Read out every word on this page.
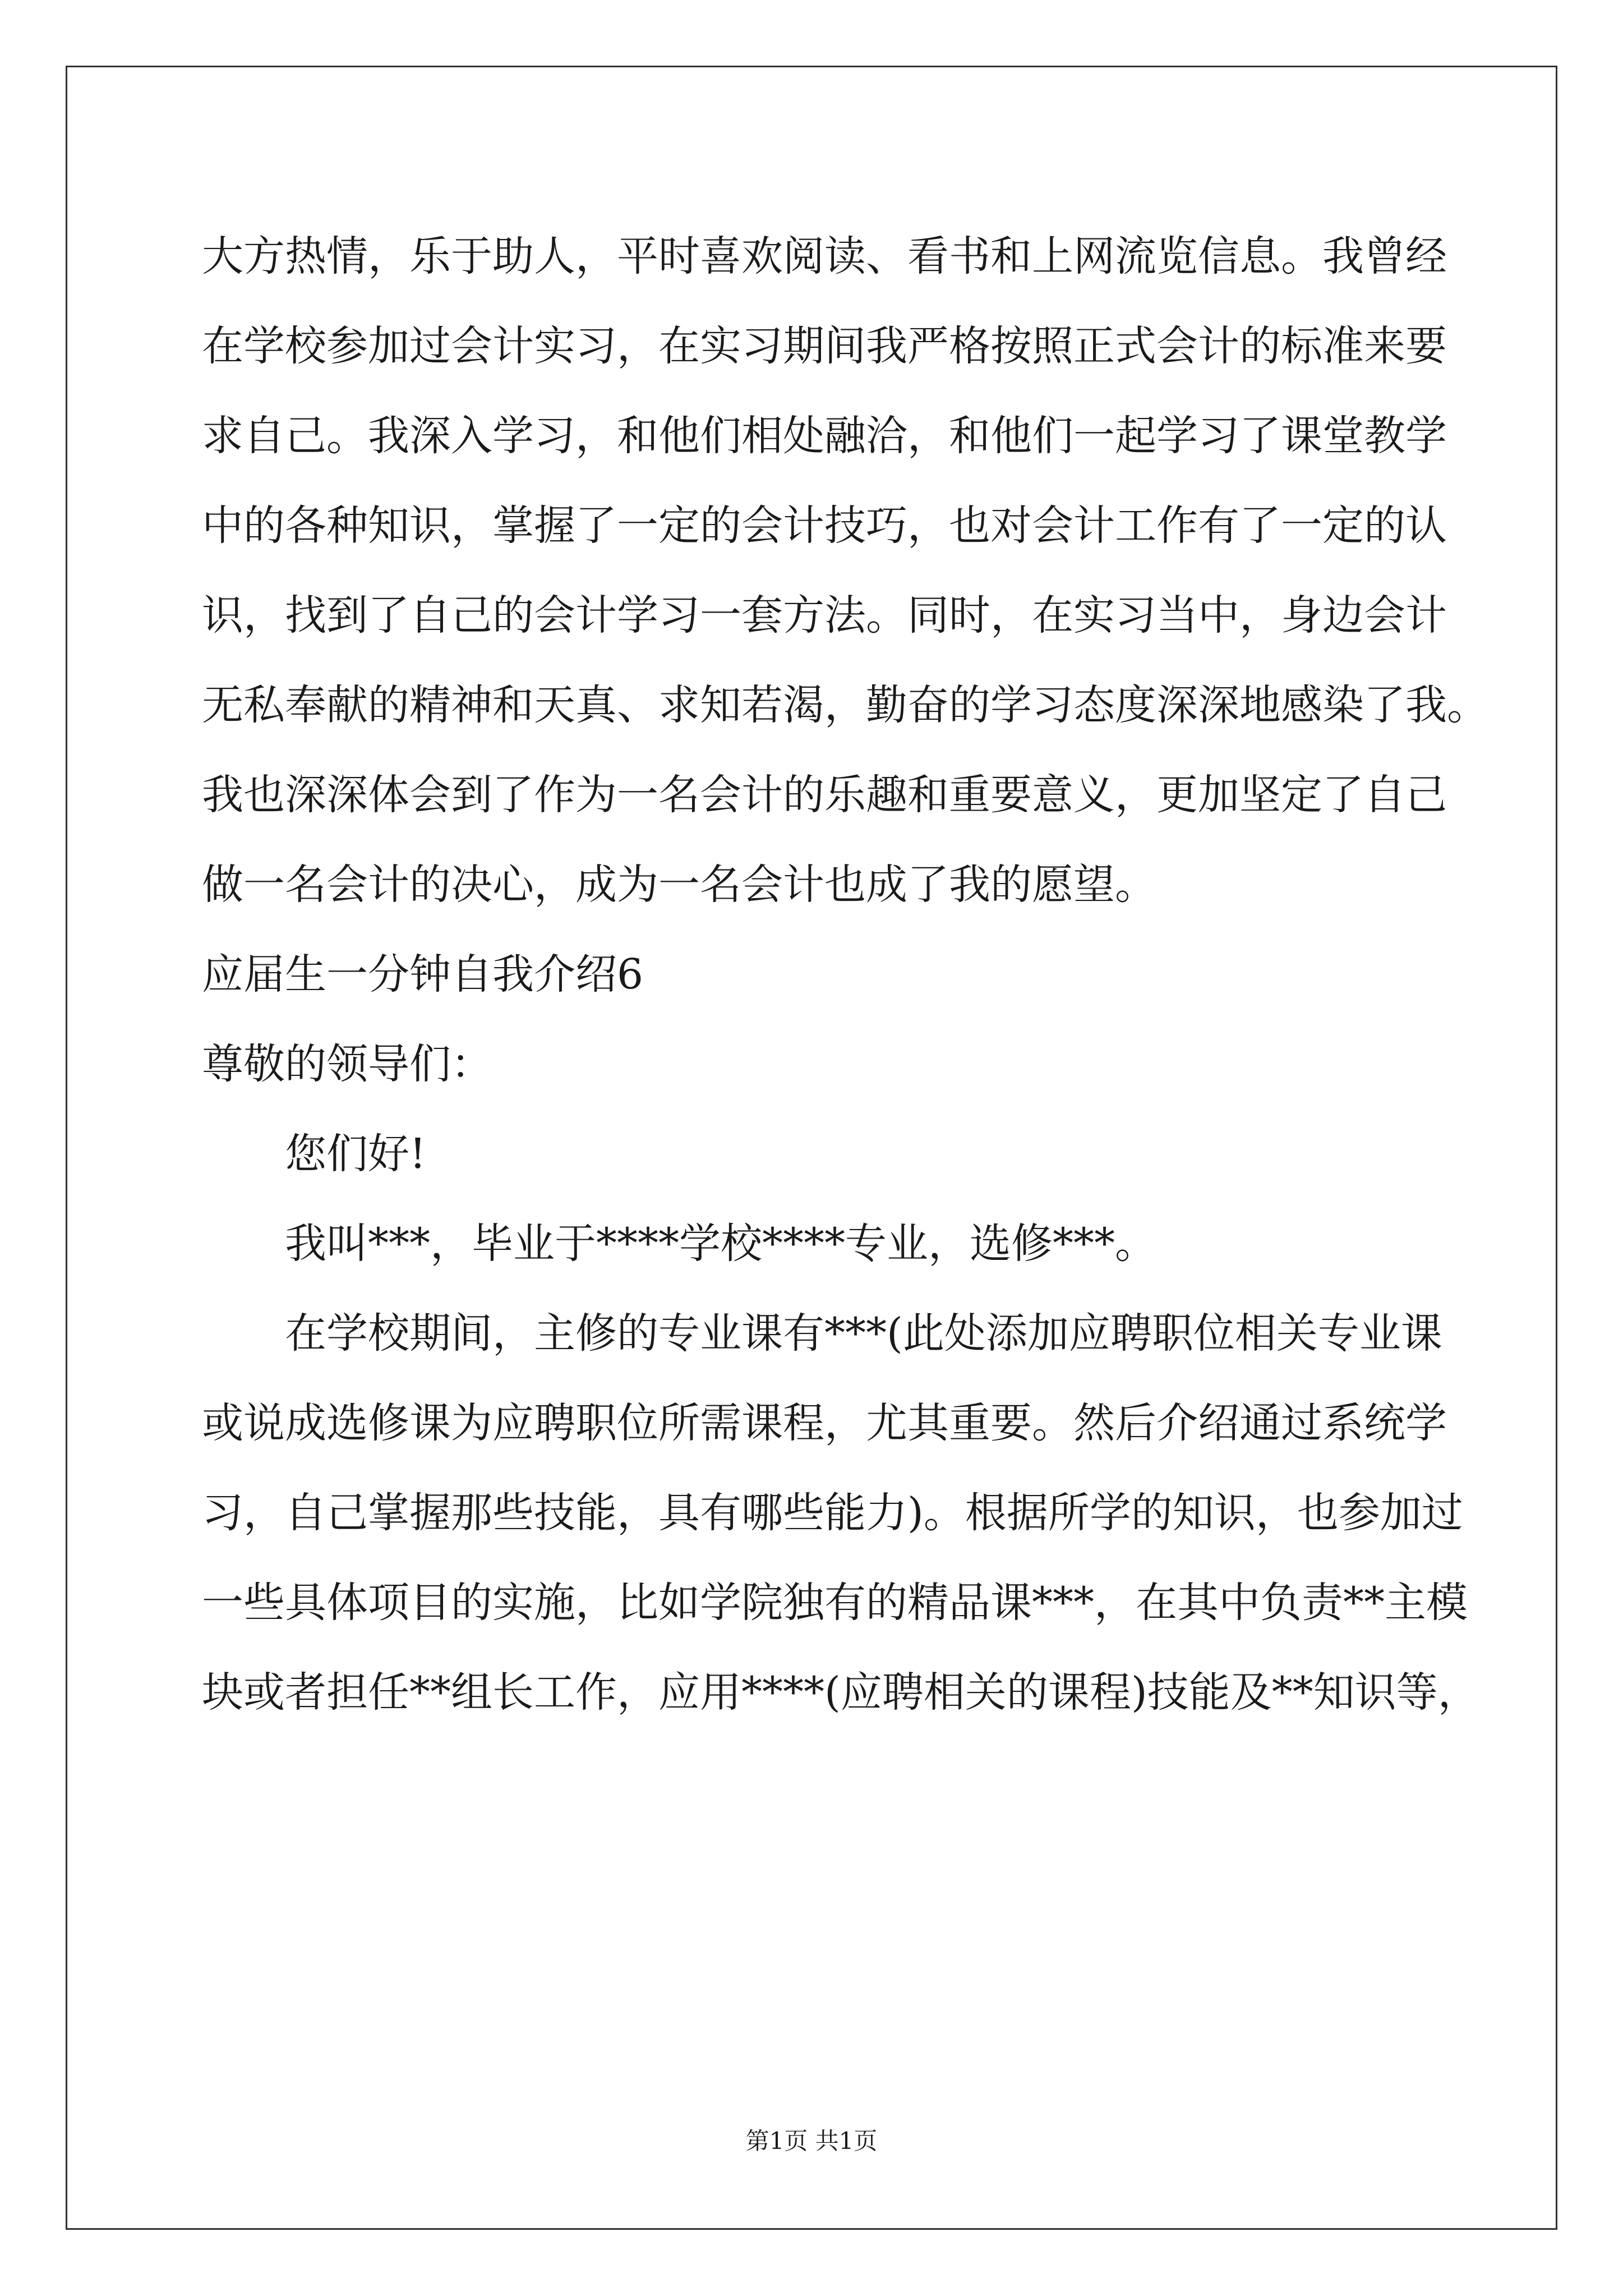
大方热情，乐于助人，平时喜欢阅读、看书和上网流览信息。我曾经
在学校参加过会计实习，在实习期间我严格按照正式会计的标准来要
求自己。我深入学习，和他们相处融洽，和他们一起学习了课堂教学
中的各种知识，掌握了一定的会计技巧，也对会计工作有了一定的认
识，找到了自己的会计学习一套方法。同时，在实习当中，身边会计
无私奉献的精神和天真、求知若渴，勤奋的学习态度深深地感染了我。
我也深深体会到了作为一名会计的乐趣和重要意义，更加坚定了自己
做一名会计的决心，成为一名会计也成了我的愿望。
应届生一分钟自我介绍6
尊敬的领导们：
您们好!
我叫***，毕业于****学校****专业，选修***。
在学校期间，主修的专业课有***(此处添加应聘职位相关专业课
或说成选修课为应聘职位所需课程，尤其重要。然后介绍通过系统学
习，自己掌握那些技能，具有哪些能力)。根据所学的知识，也参加过
一些具体项目的实施，比如学院独有的精品课***，在其中负责**主模
块或者担任**组长工作，应用****(应聘相关的课程)技能及**知识等，
第1页 共1页
